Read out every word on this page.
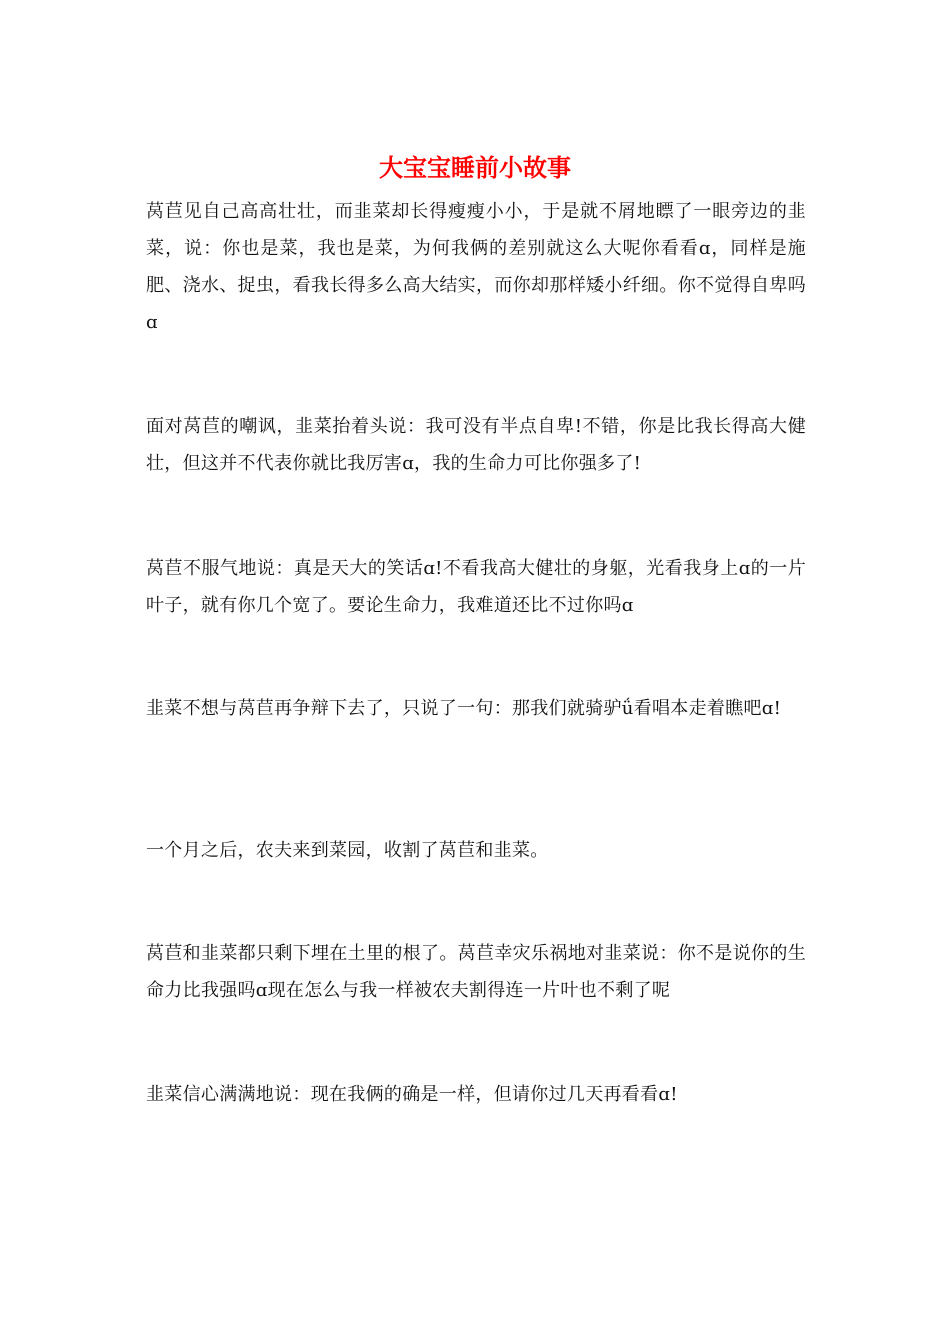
大宝宝睡前小故事

莴苣见自己高高壮壮，而韭菜却长得瘦瘦小小，于是就不屑地瞟了一眼旁边的韭菜，说：你也是菜，我也是菜，为何我俩的差别就这么大呢你看看ɑ，同样是施肥、浇水、捉虫，看我长得多么高大结实，而你却那样矮小纤细。你不觉得自卑吗ɑ

面对莴苣的嘲讽，韭菜抬着头说：我可没有半点自卑!不错，你是比我长得高大健壮，但这并不代表你就比我厉害ɑ，我的生命力可比你强多了!

莴苣不服气地说：真是天大的笑话ɑ!不看我高大健壮的身躯，光看我身上ɑ的一片叶子，就有你几个宽了。要论生命力，我难道还比不过你吗ɑ

韭菜不想与莴苣再争辩下去了，只说了一句：那我们就骑驴ǘ看唱本走着瞧吧ɑ!

一个月之后，农夫来到菜园，收割了莴苣和韭菜。

莴苣和韭菜都只剩下埋在土里的根了。莴苣幸灾乐祸地对韭菜说：你不是说你的生命力比我强吗ɑ现在怎么与我一样被农夫割得连一片叶也不剩了呢

韭菜信心满满地说：现在我俩的确是一样，但请你过几天再看看ɑ!
